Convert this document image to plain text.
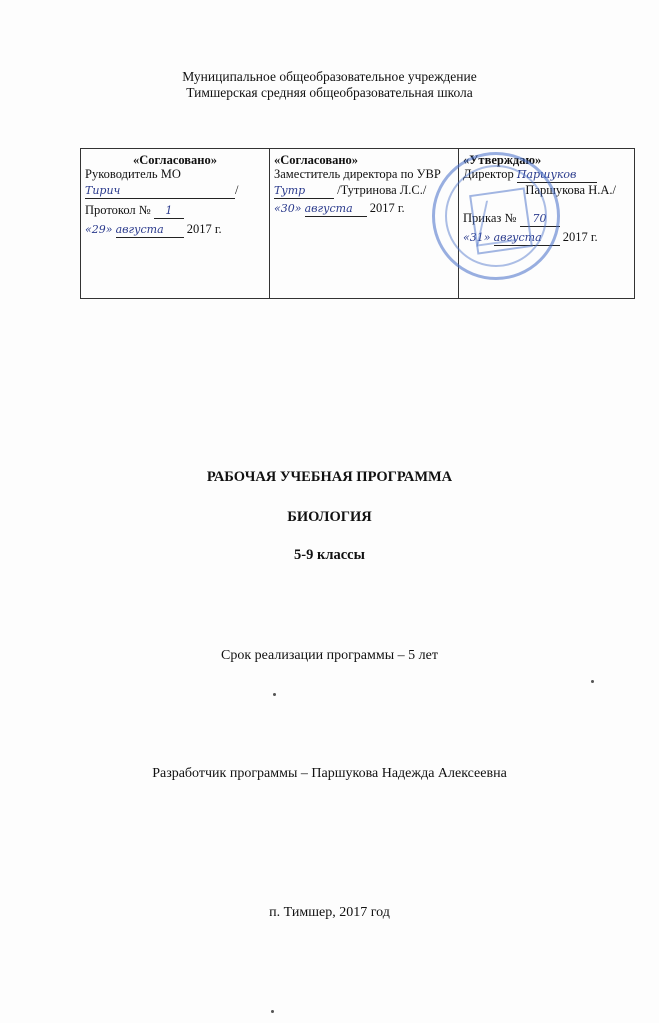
Муниципальное общеобразовательное учреждение
Тимшерская средняя общеобразовательная школа
«Согласовано»
Руководитель МО
Тирич	/
Протокол № 1
«29» августа 2017 г.

«Согласовано»
Заместитель директора по УВР
Тутр	/Тутринова Л.С./
«30» августа 2017 г.

«Утверждаю»
Директор Паршуков
Паршукова Н.А./
Приказ № 70
«31» августа 2017 г.
РАБОЧАЯ УЧЕБНАЯ ПРОГРАММА
БИОЛОГИЯ
5-9 классы
Срок реализации программы – 5 лет
Разработчик программы – Паршукова Надежда Алексеевна
п. Тимшер, 2017 год
